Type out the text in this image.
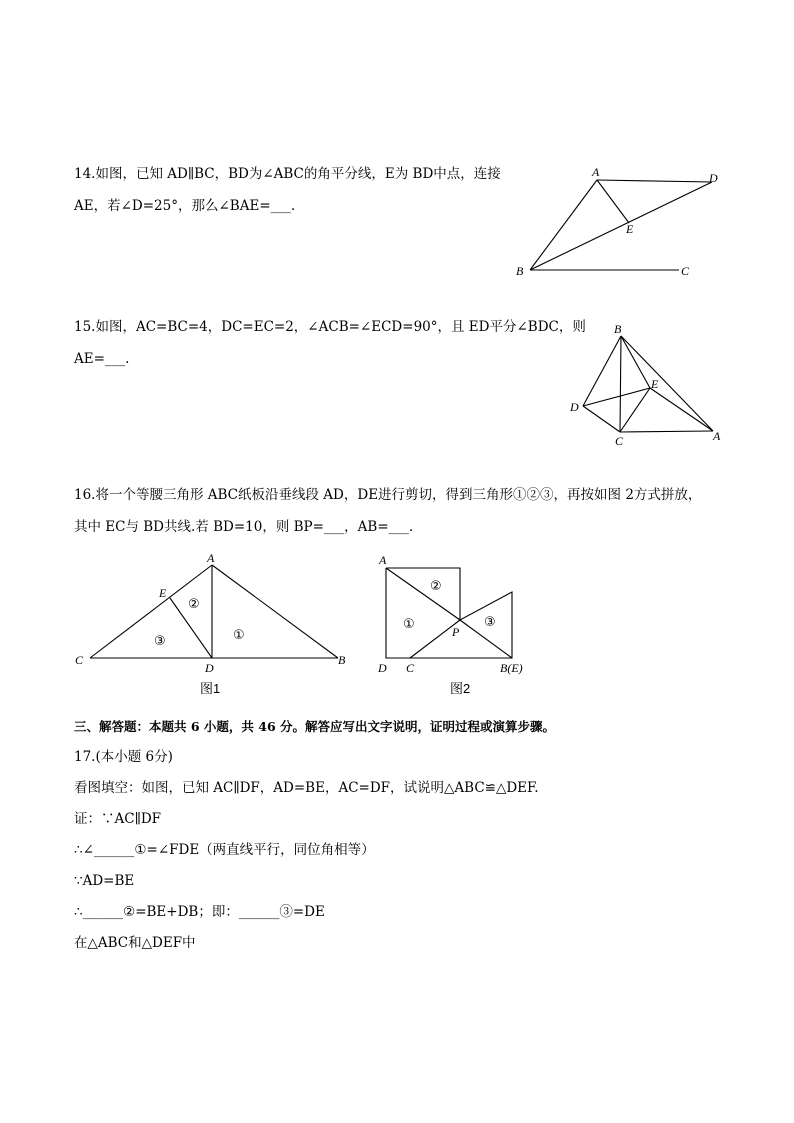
14.如图，已知 AD∥BC，BD为∠ABC的角平分线，E为 BD中点，连接
AE，若∠D=25°，那么∠BAE=___.
A	D
E
B	C
15.如图，AC=BC=4，DC=EC=2，∠ACB=∠ECD=90°，且 ED平分∠BDC，则
AE=___.
B
E
D
C	A
16.将一个等腰三角形 ABC纸板沿垂线段 AD，DE进行剪切，得到三角形①②③，再按如图 2方式拼放，
其中 EC与 BD共线.若 BD=10，则 BP=___，AB=___.
A
E
C
D
B
①
②
③
图1
A
D C
P
B(E)
①
②
③
图2
三、解答题：本题共 6 小题，共 46 分。解答应写出文字说明，证明过程或演算步骤。
17.(本小题 6分)
看图填空：如图，已知 AC∥DF，AD=BE，AC=DF，试说明△ABC≌△DEF.
证：∵AC∥DF
∴∠______①=∠FDE（两直线平行，同位角相等）
∵AD=BE
∴______②=BE+DB；即：______③=DE
在△ABC和△DEF中
